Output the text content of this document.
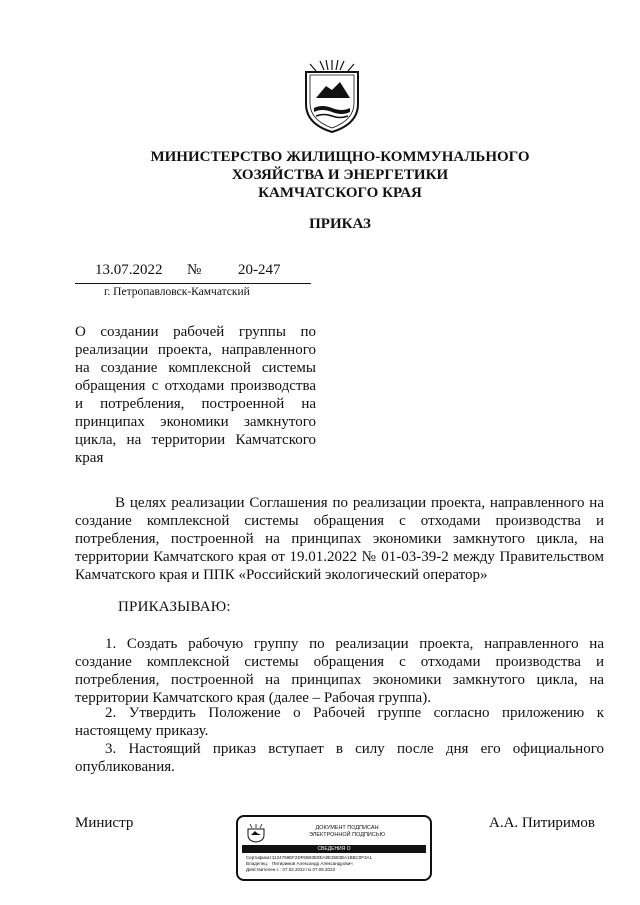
МИНИСТЕРСТВО ЖИЛИЩНО-КОММУНАЛЬНОГО
ХОЗЯЙСТВА И ЭНЕРГЕТИКИ
КАМЧАТСКОГО КРАЯ
ПРИКАЗ
13.07.2022 № 20-247
г. Петропавловск-Камчатский
О создании рабочей группы по реализации проекта, направленного на создание комплексной системы обращения с отходами производства и потребления, построенной на принципах экономики замкнутого цикла, на территории Камчатского края
В целях реализации Соглашения по реализации проекта, направленного на создание комплексной системы обращения с отходами производства и потребления, построенной на принципах экономики замкнутого цикла, на территории Камчатского края от 19.01.2022 № 01-03-39-2 между Правительством Камчатского края и ППК «Российский экологический оператор»
ПРИКАЗЫВАЮ:
1. Создать рабочую группу по реализации проекта, направленного на создание комплексной системы обращения с отходами производства и потребления, построенной на принципах экономики замкнутого цикла, на территории Камчатского края (далее – Рабочая группа).
2. Утвердить Положение о Рабочей группе согласно приложению к настоящему приказу.
3. Настоящий приказ вступает в силу после дня его официального опубликования.
Министр	А.А. Питиримов
ДОКУМЕНТ ПОДПИСАН
ЭЛЕКТРОННОЙ ПОДПИСЬЮ
СВЕДЕНИЯ О
Сертификат:1124759EF2DF6B93E8EA8E3583BA1BBC0F3A1
Владелец: Питиримов Александр Александрович
Действителен с : 07.02.2022 по 07.05.2023
